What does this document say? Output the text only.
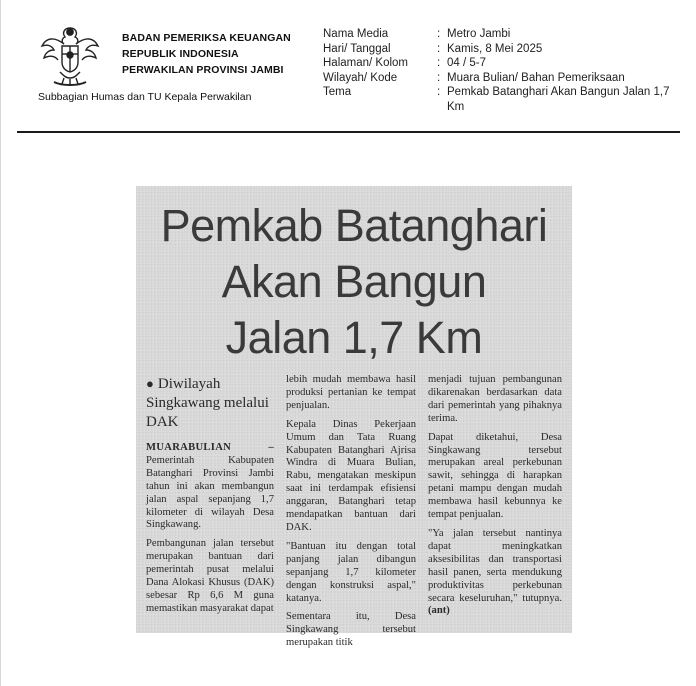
BADAN PEMERIKSA KEUANGAN
REPUBLIK INDONESIA
PERWAKILAN PROVINSI JAMBI
Subbagian Humas dan TU Kepala Perwakilan
Nama Media
Hari/ Tanggal
Halaman/ Kolom
Wilayah/ Kode
Tema
:
:
:
:
:
Metro Jambi
Kamis, 8 Mei 2025
04 / 5-7
Muara Bulian/ Bahan Pemeriksaan
Pemkab Batanghari Akan Bangun Jalan 1,7 Km
Pemkab Batanghari
Akan Bangun
Jalan 1,7 Km
● Diwilayah Singkawang melalui DAK

MUARABULIAN – Pemerintah Kabupaten Batanghari Provinsi Jambi tahun ini akan membangun jalan aspal sepanjang 1,7 kilometer di wilayah Desa Singkawang.

Pembangunan jalan tersebut merupakan bantuan dari pemerintah pusat melalui Dana Alokasi Khusus (DAK) sebesar Rp 6,6 M guna memastikan masyarakat dapat

lebih mudah membawa hasil produksi pertanian ke tempat penjualan.

Kepala Dinas Pekerjaan Umum dan Tata Ruang Kabupaten Batanghari Ajrisa Windra di Muara Bulian, Rabu, mengatakan meskipun saat ini terdampak efisiensi anggaran, Batanghari tetap mendapatkan bantuan dari DAK.

"Bantuan itu dengan total panjang jalan dibangun sepanjang 1,7 kilometer dengan konstruksi aspal," katanya.

Sementara itu, Desa Singkawang tersebut merupakan titik

menjadi tujuan pembangunan dikarenakan berdasarkan data dari pemerintah yang pihaknya terima.

Dapat diketahui, Desa Singkawang tersebut merupakan areal perkebunan sawit, sehingga di harapkan petani mampu dengan mudah membawa hasil kebunnya ke tempat penjualan.

"Ya jalan tersebut nantinya dapat meningkatkan aksesibilitas dan transportasi hasil panen, serta mendukung produktivitas perkebunan secara keseluruhan," tutupnya. (ant)
